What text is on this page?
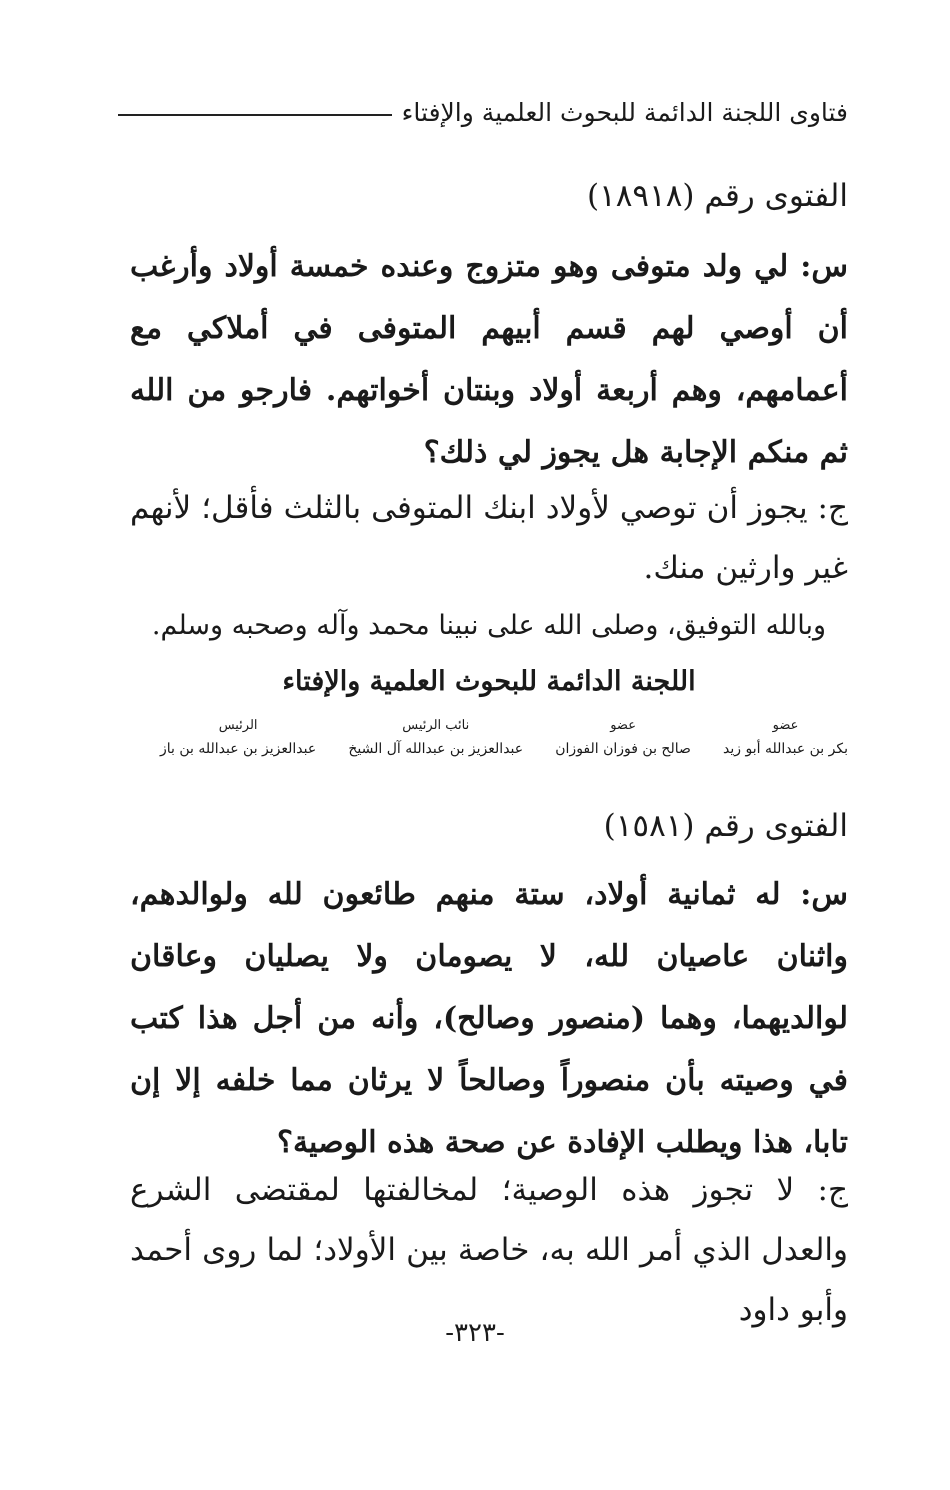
فتاوى اللجنة الدائمة للبحوث العلمية والإفتاء
الفتوى رقم (١٨٩١٨)
س: لي ولد متوفى وهو متزوج وعنده خمسة أولاد وأرغب أن أوصي لهم قسم أبيهم المتوفى في أملاكي مع أعمامهم، وهم أربعة أولاد وبنتان أخواتهم. فارجو من الله ثم منكم الإجابة هل يجوز لي ذلك؟
ج: يجوز أن توصي لأولاد ابنك المتوفى بالثلث فأقل؛ لأنهم غير وارثين منك.
وبالله التوفيق، وصلى الله على نبينا محمد وآله وصحبه وسلم.
اللجنة الدائمة للبحوث العلمية والإفتاء
عضو
بكر بن عبدالله أبو زيد
عضو
صالح بن فوزان الفوزان
نائب الرئيس
عبدالعزيز بن عبدالله آل الشيخ
الرئيس
عبدالعزيز بن عبدالله بن باز
الفتوى رقم (١٥٨١)
س: له ثمانية أولاد، ستة منهم طائعون لله ولوالدهم، واثنان عاصيان لله، لا يصومان ولا يصليان وعاقان لوالديهما، وهما (منصور وصالح)، وأنه من أجل هذا كتب في وصيته بأن منصوراً وصالحاً لا يرثان مما خلفه إلا إن تابا، هذا ويطلب الإفادة عن صحة هذه الوصية؟
ج: لا تجوز هذه الوصية؛ لمخالفتها لمقتضى الشرع والعدل الذي أمر الله به، خاصة بين الأولاد؛ لما روى أحمد وأبو داود
-٣٢٣-
